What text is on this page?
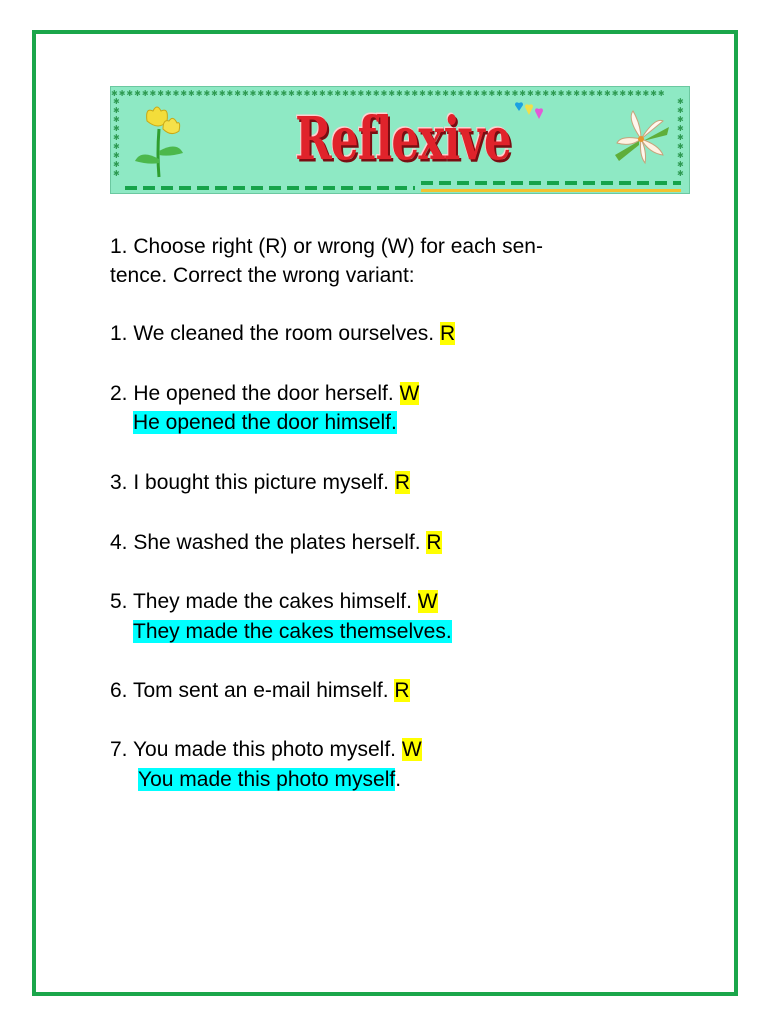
✱✱✱✱✱✱✱✱✱✱✱✱✱✱✱✱✱✱✱✱✱✱✱✱✱✱✱✱✱✱✱✱✱✱✱✱✱✱✱✱✱✱✱✱✱✱✱✱✱✱✱✱✱✱✱✱✱✱✱✱✱✱✱✱✱✱✱✱✱✱✱✱
✱✱✱✱✱✱✱✱✱
✱✱✱✱✱✱✱✱✱
Reflexive
1. Choose right (R) or wrong (W) for each sen-
tence. Correct the wrong variant:
1. We cleaned the room ourselves. R
2. He opened the door herself. W
He opened the door himself.
3. I bought this picture myself. R
4. She washed the plates herself. R
5. They made the cakes himself. W
They made the cakes themselves.
6. Tom sent an e-mail himself. R
7. You made this photo myself. W
You made this photo myself.
